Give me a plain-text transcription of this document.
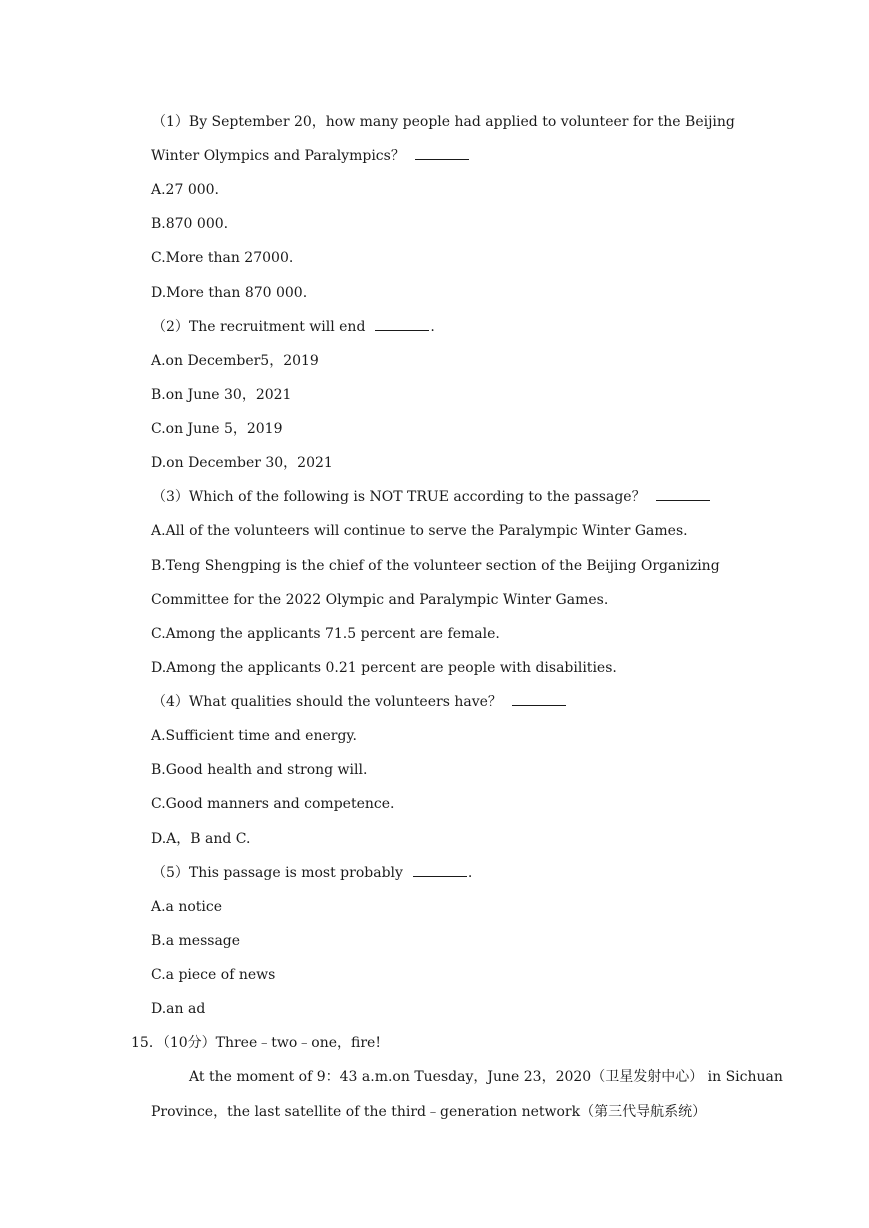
（1）By September 20，how many people had applied to volunteer for the Beijing
Winter Olympics and Paralympics？
A.27 000.
B.870 000.
C.More than 27000.
D.More than 870 000.
（2）The recruitment will end	.
A.on December5，2019
B.on June 30，2021
C.on June 5，2019
D.on December 30，2021
（3）Which of the following is NOT TRUE according to the passage？
A.All of the volunteers will continue to serve the Paralympic Winter Games.
B.Teng Shengping is the chief of the volunteer section of the Beijing Organizing
Committee for the 2022 Olympic and Paralympic Winter Games.
C.Among the applicants 71.5 percent are female.
D.Among the applicants 0.21 percent are people with disabilities.
（4）What qualities should the volunteers have？
A.Sufficient time and energy.
B.Good health and strong will.
C.Good manners and competence.
D.A，B and C.
（5）This passage is most probably	.
A.a notice
B.a message
C.a piece of news
D.an ad
15．（10分）Three﹣two﹣one，fire!
At the moment of 9：43 a.m.on Tuesday，June 23，2020（卫星发射中心） in Sichuan
Province，the last satellite of the third﹣generation network（第三代导航系统）
